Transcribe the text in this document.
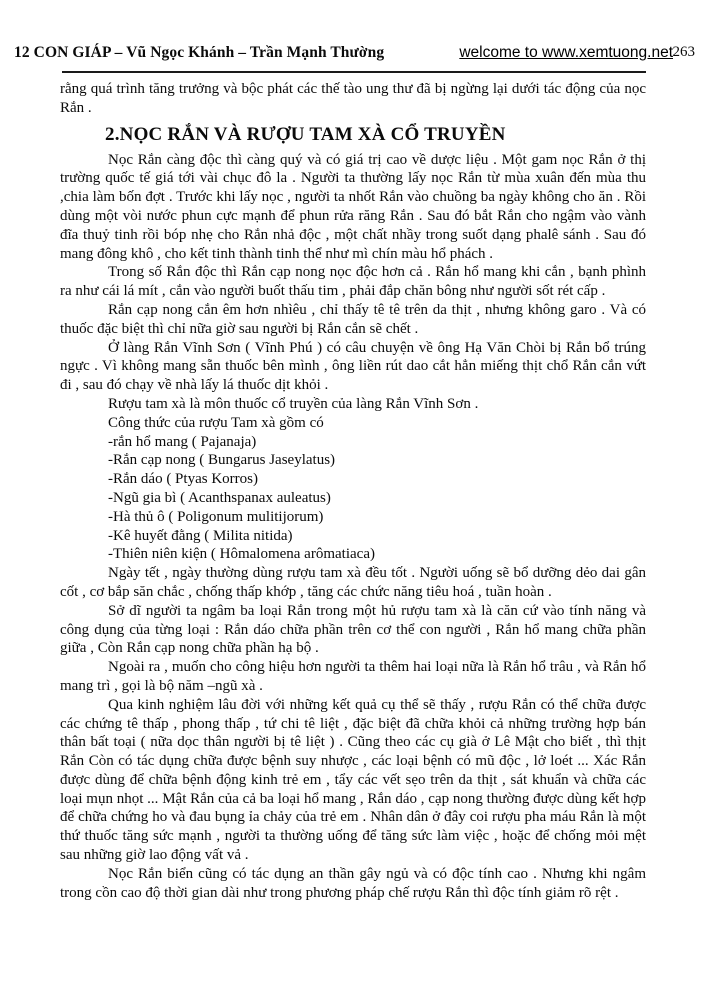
12 CON GIÁP – Vũ Ngọc Khánh – Trần Mạnh Thường	welcome to www.xemtuong.net 263

rằng quá trình tăng trưởng và bộc phát các thế tào ung thư đã bị ngừng lại dưới tác động của nọc Rắn .

2.NỌC RẮN VÀ RƯỢU TAM XÀ CỔ TRUYỀN

Nọc Rắn càng độc thì càng quý và có giá trị cao về dược liệu . Một gam nọc Rắn ở thị trường quốc tế giá tới vài chục đô la . Người ta thường lấy nọc Rắn từ mùa xuân đến mùa thu ,chia làm bốn đợt . Trước khi lấy nọc , người ta nhốt Rắn vào chuồng ba ngày không cho ăn . Rồi dùng một vòi nước phun cực mạnh để phun rửa răng Rắn . Sau đó bắt Rắn cho ngậm vào vành đĩa thuỷ tinh rồi bóp nhẹ cho Rắn nhả độc , một chất nhầy trong suốt dạng phalê sánh . Sau đó mang đông khô , cho kết tinh thành tinh thể như mì chín màu hổ phách .

Trong số Rắn độc thì Rắn cạp nong nọc độc hơn cả . Rắn hổ mang khi cắn , bạnh phình ra như cái lá mít , cắn vào người buốt thấu tim , phải đắp chăn bông như người sốt rét cấp .

Rắn cạp nong cắn êm hơn nhìêu , chỉ thấy tê tê trên da thịt , nhưng không garo . Và có thuốc đặc biệt thì chỉ nữa giờ sau người bị Rắn cắn sẽ chết .

Ở làng Rắn Vĩnh Sơn ( Vĩnh Phú ) có câu chuyện về ông Hạ Văn Chòi bị Rắn bổ trúng ngực . Vì không mang sẵn thuốc bên mình , ông liền rút dao cắt hẳn miếng thịt chổ Rắn cắn vứt đi , sau đó chạy về nhà lấy lá thuốc dịt khỏi .

Rượu tam xà là môn thuốc cổ truyền của làng Rắn Vĩnh Sơn .

Công thức của rượu Tam xà gồm có

-rắn hổ mang ( Pajanaja)

-Rắn cạp nong ( Bungarus Jaseylatus)

-Rắn dáo ( Ptyas Korros)

-Ngũ gia bì ( Acanthspanax auleatus)

-Hà thủ ô ( Poligonum mulitijorum)

-Kê huyết đằng ( Milita nitida)

-Thiên niên kiện ( Hômalomena arômatiaca)

Ngày tết , ngày thường dùng rượu tam xà đều tốt . Người uống sẽ bổ dưỡng dẻo dai gân cốt , cơ bắp săn chắc , chống thấp khớp , tăng các chức năng tiêu hoá , tuần hoàn .

Sở dĩ người ta ngâm ba loại Rắn trong một hủ rượu tam xà là căn cứ vào tính năng và công dụng của từng loại : Rắn dáo chữa phần trên cơ thể con người , Rắn hổ mang chữa phần giữa , Còn Rắn cạp nong chữa phần hạ bộ .

Ngoài ra , muốn cho công hiệu hơn người ta thêm hai loại nữa là Rắn hổ trâu , và Rắn hổ mang trì , gọi là bộ năm –ngũ xà .

Qua kinh nghiệm lâu đời với những kết quả cụ thể sẽ thấy , rượu Rắn có thể chữa được các chứng tê thấp , phong thấp , tứ chi tê liệt , đặc biệt đã chữa khỏi cả những trường hợp bán thân bất toại ( nữa dọc thân người bị tê liệt ) . Cũng theo các cụ già ở Lê Mật cho biết , thì thịt Rắn Còn có tác dụng chữa được bệnh suy nhược , các loại bệnh có mũ độc , lở loét ... Xác Rắn được dùng để chữa bệnh động kinh trẻ em , tẩy các vết sẹo trên da thịt , sát khuẩn và chữa các loại mụn nhọt ... Mật Rắn của cả ba loại hổ mang , Rắn dáo , cạp nong thường được dùng kết hợp để chữa chứng ho và đau bụng ỉa chảy của trẻ em . Nhân dân ở đây coi rượu pha máu Rắn là một thứ thuốc tăng sức mạnh , người ta thường uống để tăng sức làm việc , hoặc để chống mỏi mệt sau những giờ lao động vất vả .

Nọc Rắn biển cũng có tác dụng an thần gây ngủ và có độc tính cao . Nhưng khi ngâm trong cồn cao độ thời gian dài như trong phương pháp chế rượu Rắn thì độc tính giảm rõ rệt .
